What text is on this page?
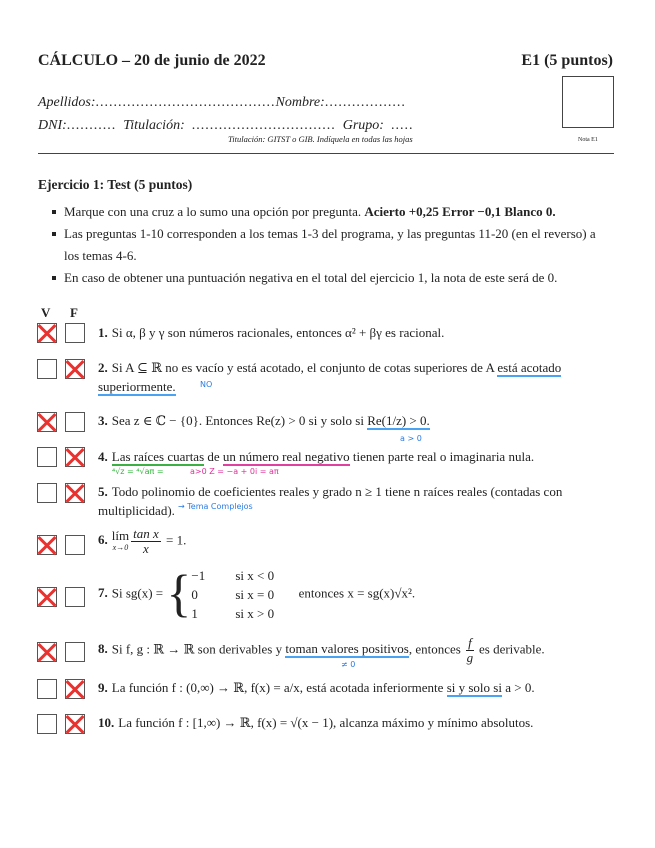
CÁLCULO – 20 de junio de 2022	E1 (5 puntos)
Apellidos:........................................Nombre:..................
DNI:........... Titulación: ................................ Grupo: .....
Titulación: GITST o GIB. Indíquela en todas las hojas	Nota E1
Ejercicio 1: Test (5 puntos)
Marque con una cruz a lo sumo una opción por pregunta. Acierto +0,25 Error −0,1 Blanco 0.
Las preguntas 1-10 corresponden a los temas 1-3 del programa, y las preguntas 11-20 (en el reverso) a los temas 4-6.
En caso de obtener una puntuación negativa en el total del ejercicio 1, la nota de este será de 0.
V F
1. Si α, β y γ son números racionales, entonces α² + βγ es racional.
2. Si A ⊆ ℝ no es vacío y está acotado, el conjunto de cotas superiores de A está acotado superiormente.	NO
3. Sea z ∈ ℂ − {0}. Entonces Re(z) > 0 si y solo si Re(1/z) > 0.
a > 0
4. Las raíces cuartas de un número real negativo tienen parte real o imaginaria nula.
⁴√z = ⁴√aπ =	a>0 Z = −a + 0i = aπ
5. Todo polinomio de coeficientes reales y grado n ≥ 1 tiene n raíces reales (contadas con multiplicidad). → Tema Complejos
6. lím
$x\to 0 \frac{\text{tan x}}{x} = 1$.
7. Si sg(x) = { −1	si x < 0
0	si x = 0
1	si x > 0
entonces x = sg(x)√x².
8. Si f, g : ℝ → ℝ son derivables y toman valores positivos, entonces $\frac{f}{g}$ es derivable.
≠ 0
9. La función f : (0,∞) → ℝ, f(x) = a/x, está acotada inferiormente si y solo si a > 0.
10. La función f : [1,∞) → ℝ, f(x) = √(x − 1), alcanza máximo y mínimo absolutos.
